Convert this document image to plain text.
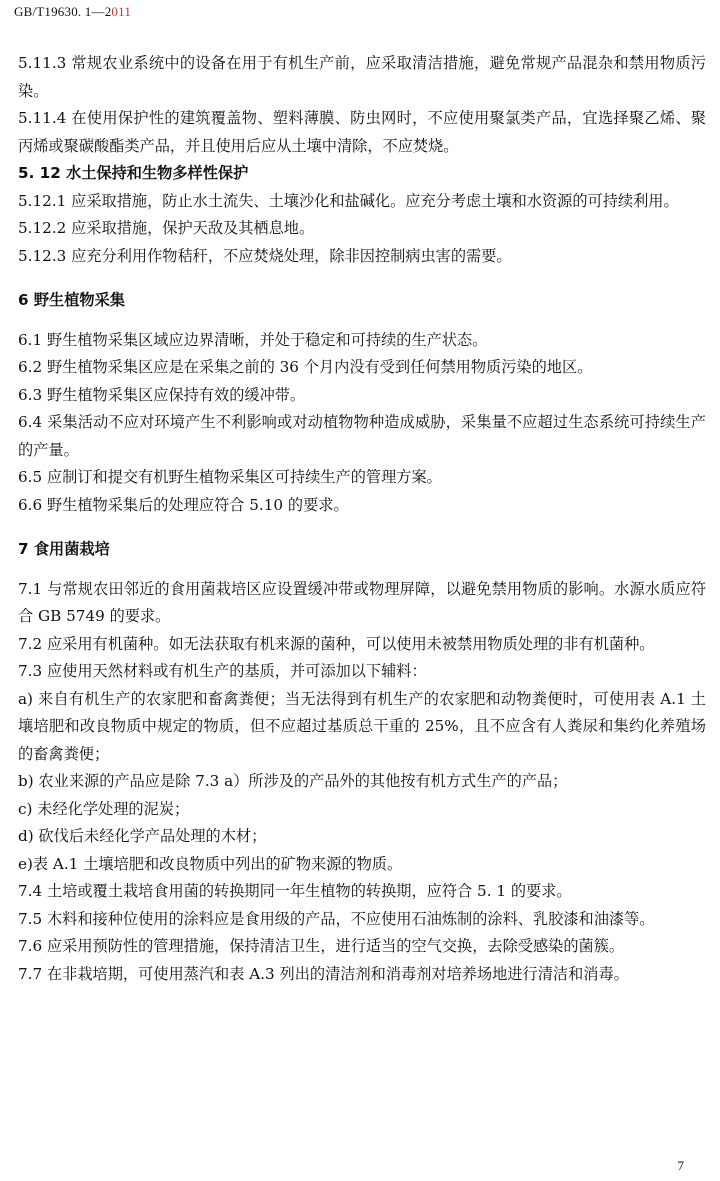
GB/T19630. 1—2011
5.11.3 常规农业系统中的设备在用于有机生产前，应采取清洁措施，避免常规产品混杂和禁用物质污染。
5.11.4 在使用保护性的建筑覆盖物、塑料薄膜、防虫网时，不应使用聚氯类产品，宜选择聚乙烯、聚丙烯或聚碳酸酯类产品，并且使用后应从土壤中清除，不应焚烧。
5. 12 水土保持和生物多样性保护
5.12.1 应采取措施，防止水土流失、土壤沙化和盐碱化。应充分考虑土壤和水资源的可持续利用。
5.12.2 应采取措施，保护天敌及其栖息地。
5.12.3 应充分利用作物秸秆，不应焚烧处理，除非因控制病虫害的需要。
6 野生植物采集
6.1 野生植物采集区域应边界清晰，并处于稳定和可持续的生产状态。
6.2 野生植物采集区应是在采集之前的 36 个月内没有受到任何禁用物质污染的地区。
6.3 野生植物采集区应保持有效的缓冲带。
6.4 采集活动不应对环境产生不利影响或对动植物物种造成威胁，采集量不应超过生态系统可持续生产的产量。
6.5 应制订和提交有机野生植物采集区可持续生产的管理方案。
6.6 野生植物采集后的处理应符合 5.10 的要求。
7 食用菌栽培
7.1 与常规农田邻近的食用菌栽培区应设置缓冲带或物理屏障，以避免禁用物质的影响。水源水质应符合 GB 5749 的要求。
7.2 应采用有机菌种。如无法获取有机来源的菌种，可以使用未被禁用物质处理的非有机菌种。
7.3 应使用天然材料或有机生产的基质，并可添加以下辅料：
a) 来自有机生产的农家肥和畜禽粪便；当无法得到有机生产的农家肥和动物粪便时，可使用表 A.1 土壤培肥和改良物质中规定的物质，但不应超过基质总干重的 25%，且不应含有人粪尿和集约化养殖场的畜禽粪便；
b) 农业来源的产品应是除 7.3 a）所涉及的产品外的其他按有机方式生产的产品；
c) 未经化学处理的泥炭；
d) 砍伐后未经化学产品处理的木材；
e)表 A.1 土壤培肥和改良物质中列出的矿物来源的物质。
7.4 土培或覆土栽培食用菌的转换期同一年生植物的转换期，应符合 5. 1 的要求。
7.5 木料和接种位使用的涂料应是食用级的产品，不应使用石油炼制的涂料、乳胶漆和油漆等。
7.6 应采用预防性的管理措施，保持清洁卫生，进行适当的空气交换，去除受感染的菌簇。
7.7 在非栽培期，可使用蒸汽和表 A.3 列出的清洁剂和消毒剂对培养场地进行清洁和消毒。
7
